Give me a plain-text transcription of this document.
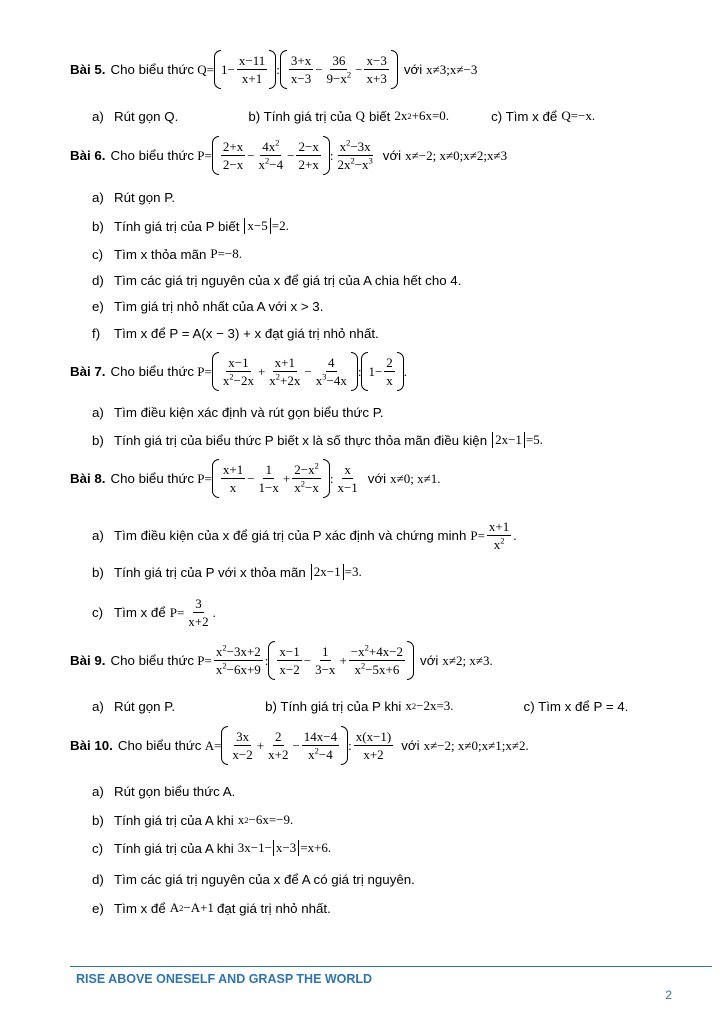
Bài 5. Cho biểu thức $Q= 1- \frac{x-11}{x+1}$ : $\frac{3+x}{x-3} - \frac{36}{9-x^2} - \frac{x-3}{x+3}$ với x≠3;x≠−3
a) Rút gọn Q.	b) Tính giá trị của Q biết 2x 2 +6x=0.	c) Tìm x để Q=−x.
Bài 6. Cho biểu thức $P= \frac{2+x}{2-x} - \frac{4x^2}{x^2-4} - \frac{2-x}{2+x}$ : $\frac{x^2-3x}{2x^2-x^3}$ với x≠−2; x≠0;x≠2;x≠3
a) Rút gọn P.
b) Tính giá trị của P biết x−5 =2.
c) Tìm x thỏa mãn P=−8.
d) Tìm các giá trị nguyên của x để giá trị của A chia hết cho 4.
e) Tìm giá trị nhỏ nhất của A với x > 3.
f)	Tìm x để P = A(x − 3) + x đạt giá trị nhỏ nhất.
Bài 7. Cho biểu thức $P= \frac{x-1}{x^2-2x} + \frac{x+1}{x^2+2x} - \frac{4}{x^3-4x}$ : $1- \frac{2}{x}$ .
a) Tìm điều kiện xác định và rút gọn biểu thức P.
b) Tính giá trị của biểu thức P biết x là số thực thỏa mãn điều kiện 2x−1 =5.
Bài 8. Cho biểu thức $P= \frac{x+1}{x} - \frac{1}{1-x} + \frac{2-x^2}{x^2-x}$ : $\frac{x}{x-1}$ với x≠0; x≠1.
a) Tìm điều kiện của x để giá trị của P xác định và chứng minh $P= \frac{x+1}{x^2}$ .
b) Tính giá trị của P với x thỏa mãn 2x−1 =3.
c) Tìm x để $P= \frac{3}{x+2}$ .
Bài 9. Cho biểu thức $P= \frac{x^2-3x+2}{x^2-6x+9}$ : $\frac{x-1}{x-2} - \frac{1}{3-x} + \frac{-x^2+4x-2}{x^2-5x+6}$ với x≠2; x≠3.
a) Rút gọn P.	b) Tính giá trị của P khi x 2 −2x=3.	c) Tìm x để P = 4.
Bài 10. Cho biểu thức $A= \frac{3x}{x-2} + \frac{2}{x+2} - \frac{14x-4}{x^2-4}$ : $\frac{x(x-1)}{x+2}$ với x≠−2; x≠0;x≠1;x≠2.
a) Rút gọn biểu thức A.
b) Tính giá trị của A khi x 2 −6x=−9.
c) Tính giá trị của A khi 3x−1− x−3 =x+6.
d) Tìm các giá trị nguyên của x để A có giá trị nguyên.
e) Tìm x để A 2 −A+1 đạt giá trị nhỏ nhất.
RISE ABOVE ONESELF AND GRASP THE WORLD
2
